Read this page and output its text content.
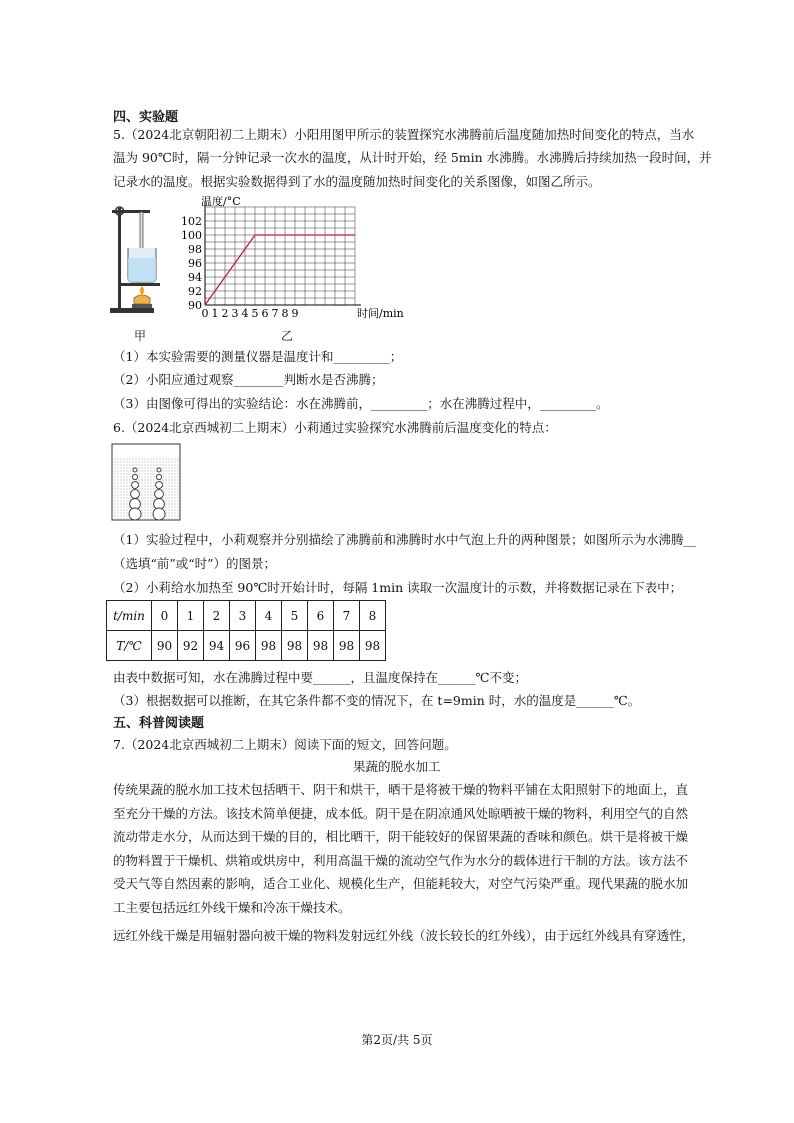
四、实验题
5.（2024北京朝阳初二上期末）小阳用图甲所示的装置探究水沸腾前后温度随加热时间变化的特点，当水
温为 90℃时，隔一分钟记录一次水的温度，从计时开始，经 5min 水沸腾。水沸腾后持续加热一段时间，并
记录水的温度。根据实验数据得到了水的温度随加热时间变化的关系图像，如图乙所示。
甲
0 1 2 3 4 5 6 7 8 9
90
92
94
96
98
100
102
时间/min
温度/°C
乙
（1）本实验需要的测量仪器是温度计和_________；
（2）小阳应通过观察________判断水是否沸腾；
（3）由图像可得出的实验结论：水在沸腾前，_________；水在沸腾过程中，_________。
6.（2024北京西城初二上期末）小莉通过实验探究水沸腾前后温度变化的特点：
（1）实验过程中，小莉观察并分别描绘了沸腾前和沸腾时水中气泡上升的两种图景；如图所示为水沸腾__
（选填“前”或“时”）的图景；
（2）小莉给水加热至 90℃时开始计时，每隔 1min 读取一次温度计的示数，并将数据记录在下表中；
t/min	0	1	2	3	4	5	6	7	8
T/℃	90	92	94	96	98	98	98	98	98
由表中数据可知，水在沸腾过程中要______，且温度保持在______℃不变；
（3）根据数据可以推断，在其它条件都不变的情况下，在 t=9min 时，水的温度是______℃。
五、科普阅读题
7.（2024北京西城初二上期末）阅读下面的短文，回答问题。
果蔬的脱水加工
传统果蔬的脱水加工技术包括晒干、阴干和烘干，晒干是将被干燥的物料平铺在太阳照射下的地面上，直至充分干燥的方法。该技术简单便捷，成本低。阴干是在阴凉通风处晾晒被干燥的物料，利用空气的自然流动带走水分，从而达到干燥的目的，相比晒干，阴干能较好的保留果蔬的香味和颜色。烘干是将被干燥的物料置于干燥机、烘箱或烘房中，利用高温干燥的流动空气作为水分的载体进行干制的方法。该方法不受天气等自然因素的影响，适合工业化、规模化生产，但能耗较大，对空气污染严重。现代果蔬的脱水加工主要包括远红外线干燥和冷冻干燥技术。
远红外线干燥是用辐射器向被干燥的物料发射远红外线（波长较长的红外线），由于远红外线具有穿透性，
第2页/共 5页
